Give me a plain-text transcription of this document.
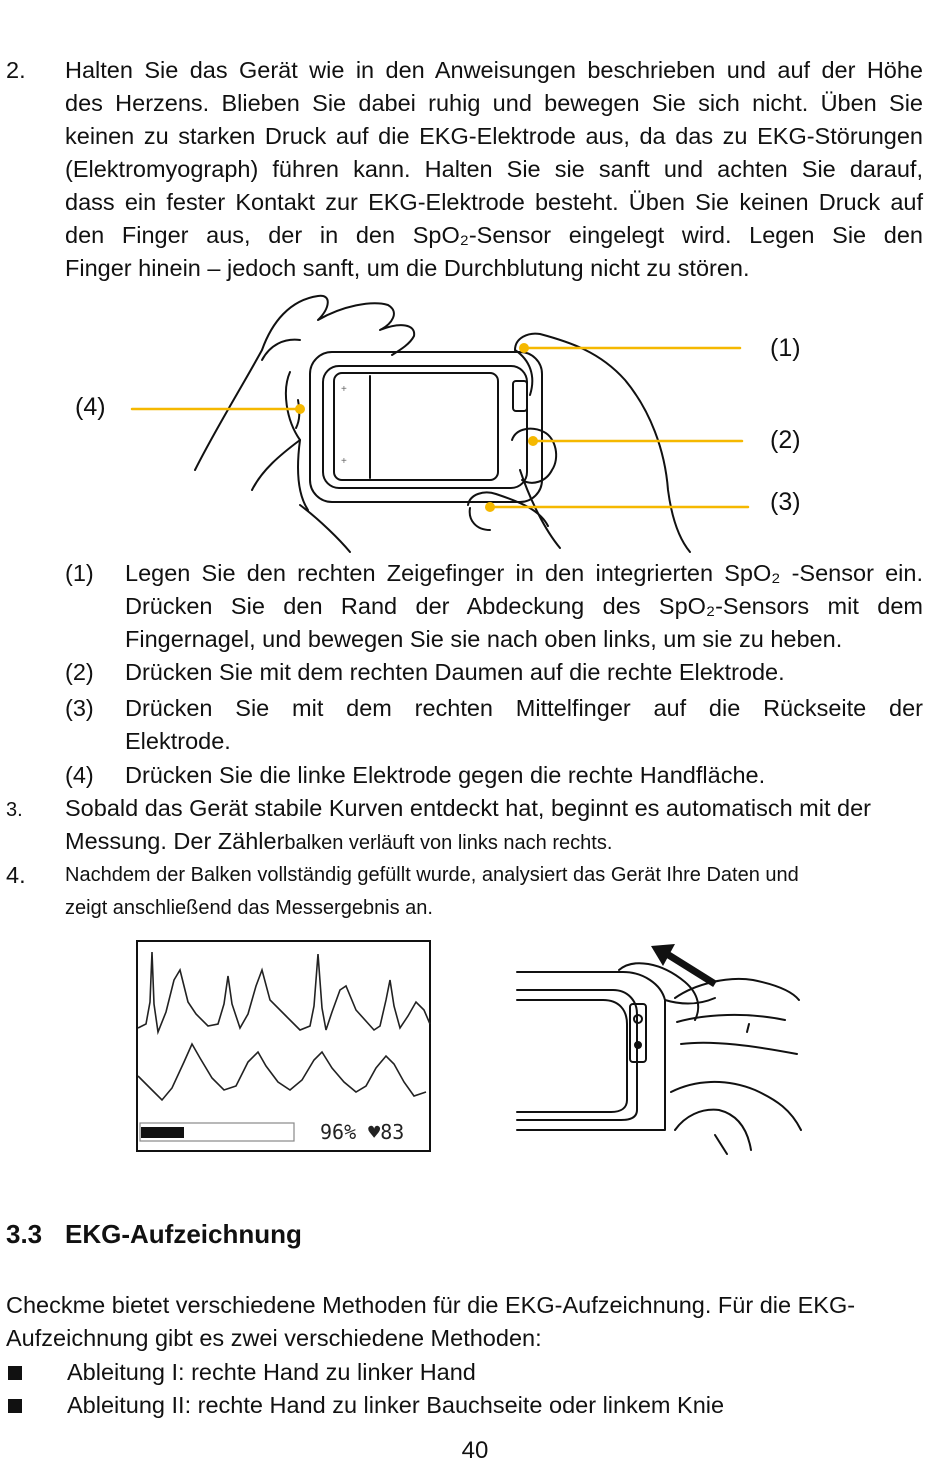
2. Halten Sie das Gerät wie in den Anweisungen beschrieben und auf der Höhe
des Herzens. Blieben Sie dabei ruhig und bewegen Sie sich nicht. Üben Sie
keinen zu starken Druck auf die EKG-Elektrode aus, da das zu EKG-Störungen
(Elektromyograph) führen kann. Halten Sie sie sanft und achten Sie darauf,
dass ein fester Kontakt zur EKG-Elektrode besteht. Üben Sie keinen Druck auf
den Finger aus, der in den SpO₂-Sensor eingelegt wird. Legen Sie den
Finger hinein – jedoch sanft, um die Durchblutung nicht zu stören.
+
+
(1)
(2)
(3)
(4)
(1) Legen Sie den rechten Zeigefinger in den integrierten SpO₂ -Sensor ein.
Drücken Sie den Rand der Abdeckung des SpO₂-Sensors mit dem
Fingernagel, und bewegen Sie sie nach oben links, um sie zu heben.
(2) Drücken Sie mit dem rechten Daumen auf die rechte Elektrode.
(3) Drücken Sie mit dem rechten Mittelfinger auf die Rückseite der
Elektrode.
(4) Drücken Sie die linke Elektrode gegen die rechte Handfläche.
3. Sobald das Gerät stabile Kurven entdeckt hat, beginnt es automatisch mit der
Messung. Der Zählerbalken verläuft von links nach rechts.
4. Nachdem der Balken vollständig gefüllt wurde, analysiert das Gerät Ihre Daten und
zeigt anschließend das Messergebnis an.
96% ♥83
3.3 EKG-Aufzeichnung
Checkme bietet verschiedene Methoden für die EKG-Aufzeichnung. Für die EKG-
Aufzeichnung gibt es zwei verschiedene Methoden:
Ableitung I: rechte Hand zu linker Hand
Ableitung II: rechte Hand zu linker Bauchseite oder linkem Knie
40
